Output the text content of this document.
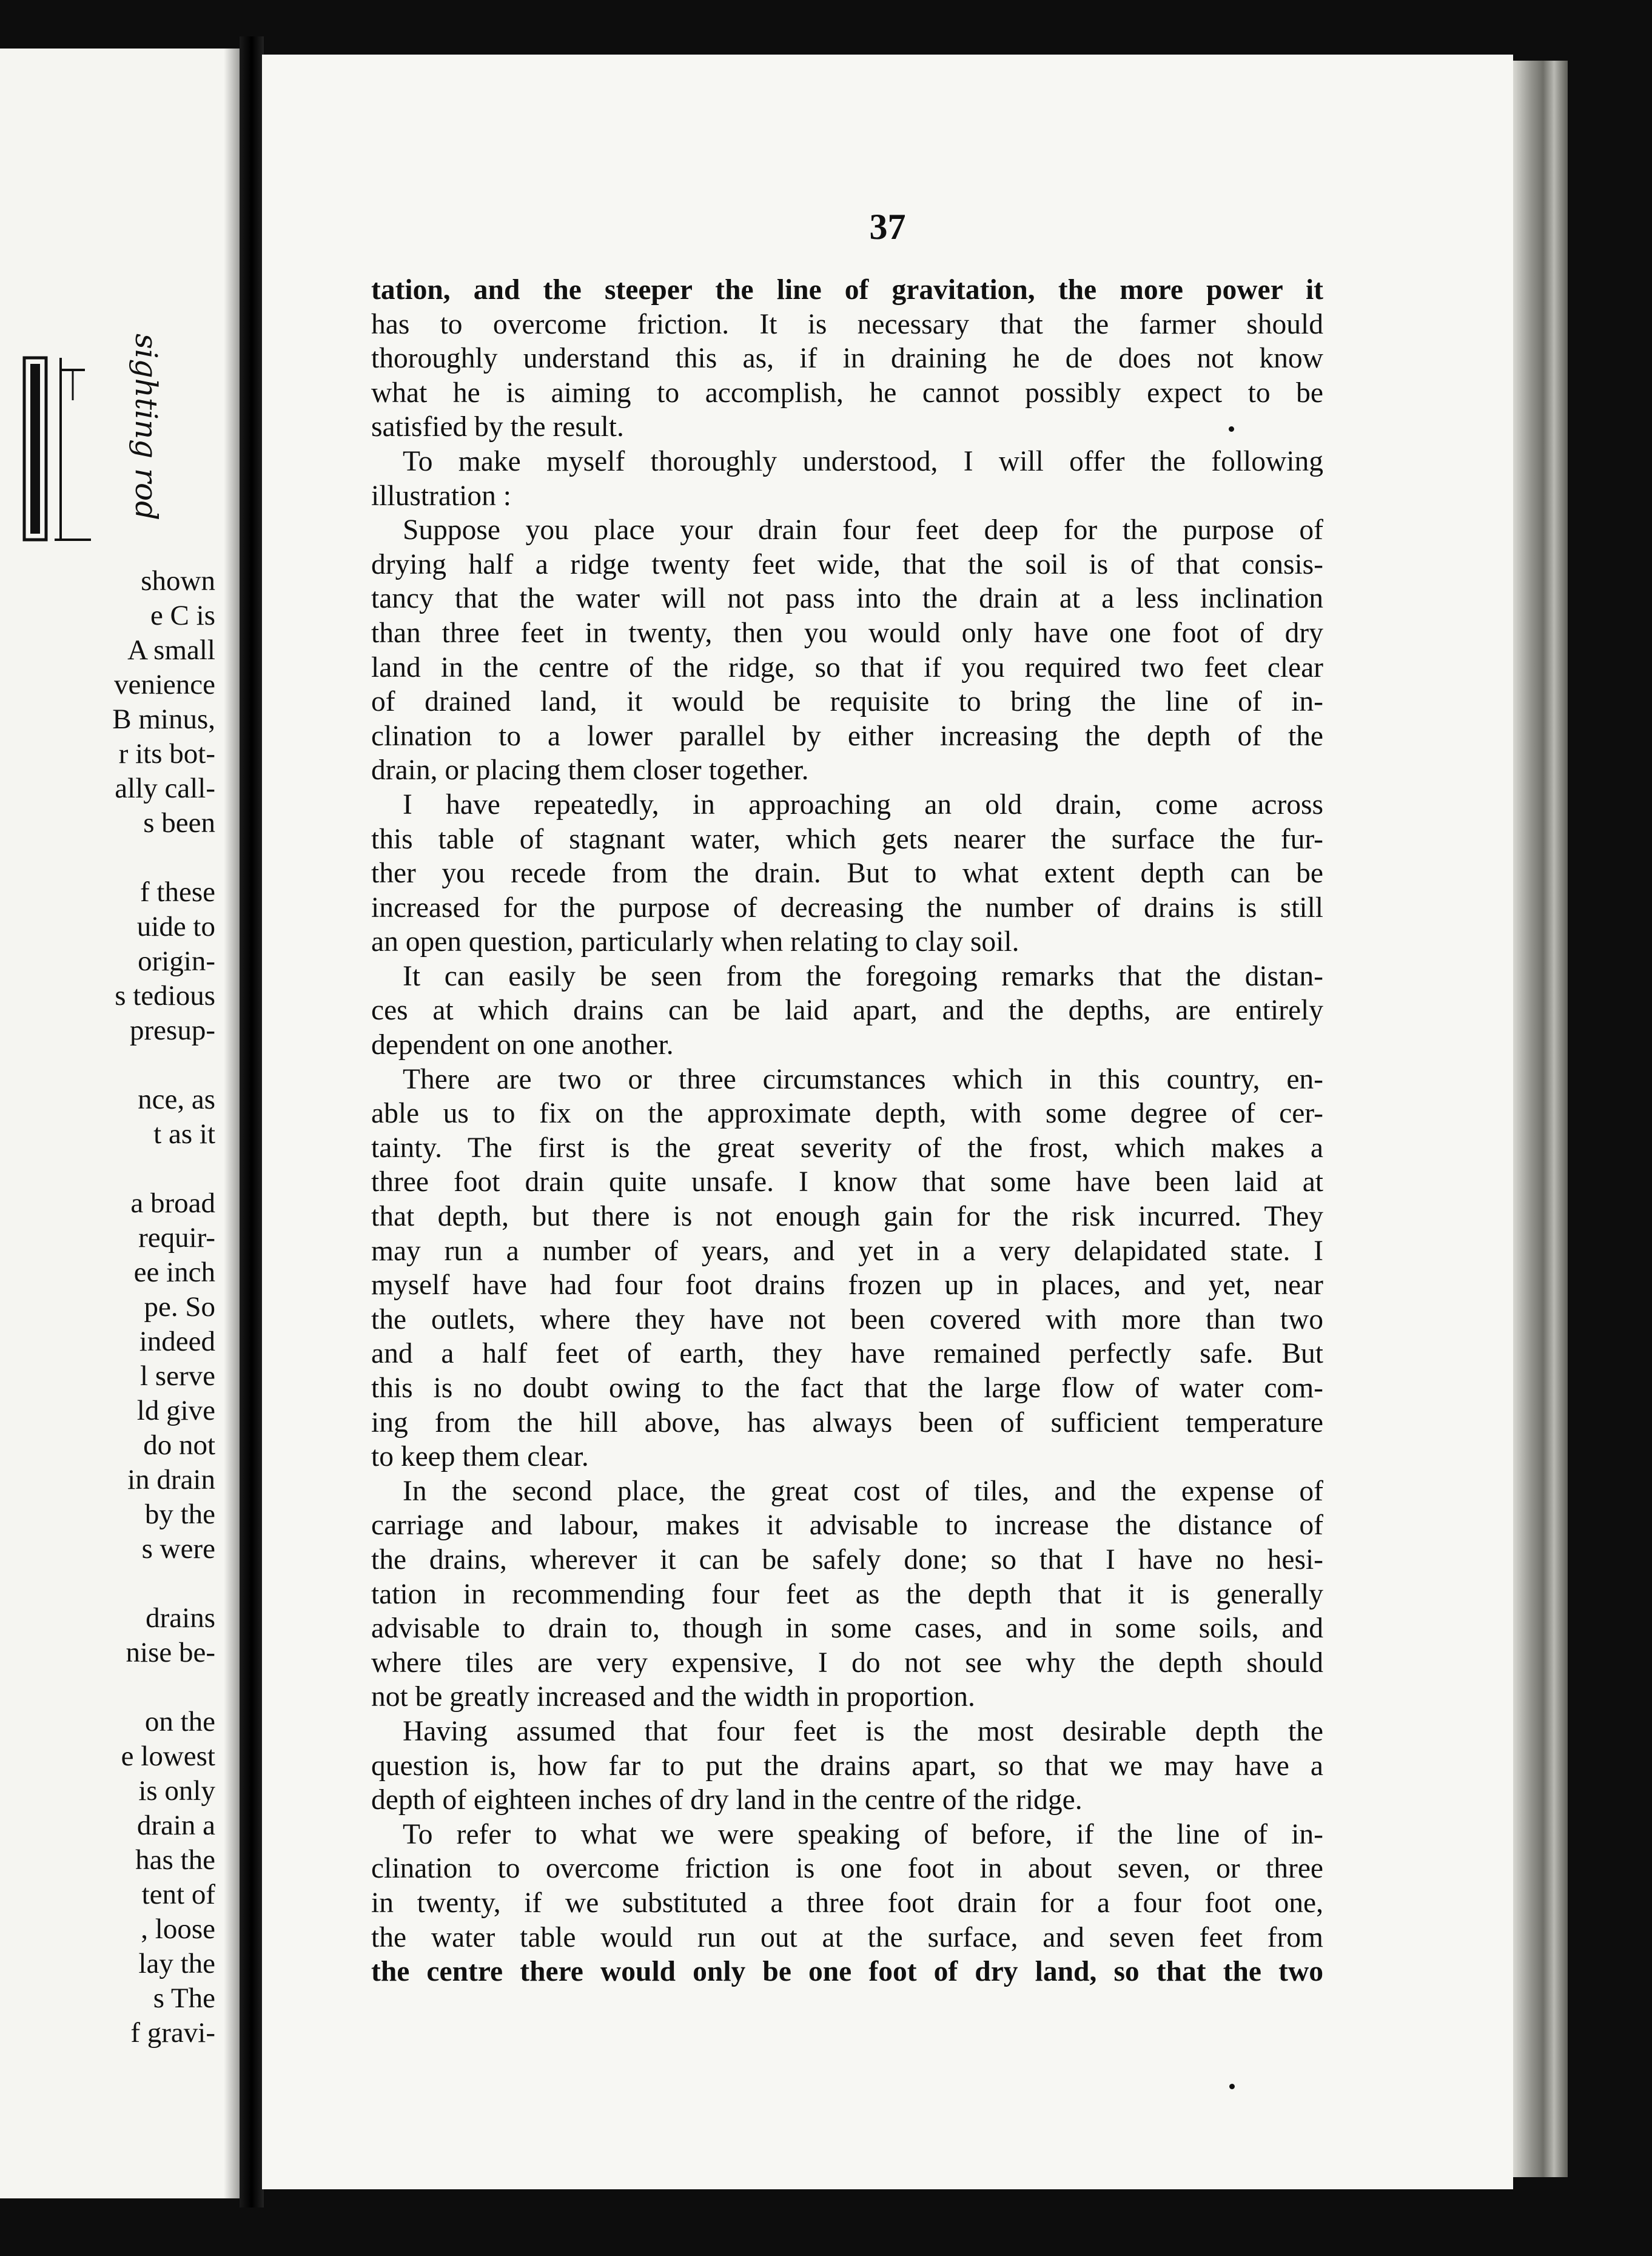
sighting rod
shown
e C is
A small
venience
B minus,
r its bot-
ally call-
s been
f these
uide to
origin-
s tedious
presup-
nce, as
t as it
a broad
requir-
ee inch
pe. So
indeed
l serve
ld give
do not
in drain
by the
s were
drains
nise be-
on the
e lowest
is only
drain a
has the
tent of
, loose
lay the
s The
f gravi-
37
tation, and the steeper the line of gravitation, the more power it
has to overcome friction. It is necessary that the farmer should
thoroughly understand this as, if in draining he de does not know
what he is aiming to accomplish, he cannot possibly expect to be
satisfied by the result.
To make myself thoroughly understood, I will offer the following
illustration :
Suppose you place your drain four feet deep for the purpose of
drying half a ridge twenty feet wide, that the soil is of that consis-
tancy that the water will not pass into the drain at a less inclination
than three feet in twenty, then you would only have one foot of dry
land in the centre of the ridge, so that if you required two feet clear
of drained land, it would be requisite to bring the line of in-
clination to a lower parallel by either increasing the depth of the
drain, or placing them closer together.
I have repeatedly, in approaching an old drain, come across
this table of stagnant water, which gets nearer the surface the fur-
ther you recede from the drain. But to what extent depth can be
increased for the purpose of decreasing the number of drains is still
an open question, particularly when relating to clay soil.
It can easily be seen from the foregoing remarks that the distan-
ces at which drains can be laid apart, and the depths, are entirely
dependent on one another.
There are two or three circumstances which in this country, en-
able us to fix on the approximate depth, with some degree of cer-
tainty. The first is the great severity of the frost, which makes a
three foot drain quite unsafe. I know that some have been laid at
that depth, but there is not enough gain for the risk incurred. They
may run a number of years, and yet in a very delapidated state. I
myself have had four foot drains frozen up in places, and yet, near
the outlets, where they have not been covered with more than two
and a half feet of earth, they have remained perfectly safe. But
this is no doubt owing to the fact that the large flow of water com-
ing from the hill above, has always been of sufficient temperature
to keep them clear.
In the second place, the great cost of tiles, and the expense of
carriage and labour, makes it advisable to increase the distance of
the drains, wherever it can be safely done; so that I have no hesi-
tation in recommending four feet as the depth that it is generally
advisable to drain to, though in some cases, and in some soils, and
where tiles are very expensive, I do not see why the depth should
not be greatly increased and the width in proportion.
Having assumed that four feet is the most desirable depth the
question is, how far to put the drains apart, so that we may have a
depth of eighteen inches of dry land in the centre of the ridge.
To refer to what we were speaking of before, if the line of in-
clination to overcome friction is one foot in about seven, or three
in twenty, if we substituted a three foot drain for a four foot one,
the water table would run out at the surface, and seven feet from
the centre there would only be one foot of dry land, so that the two
